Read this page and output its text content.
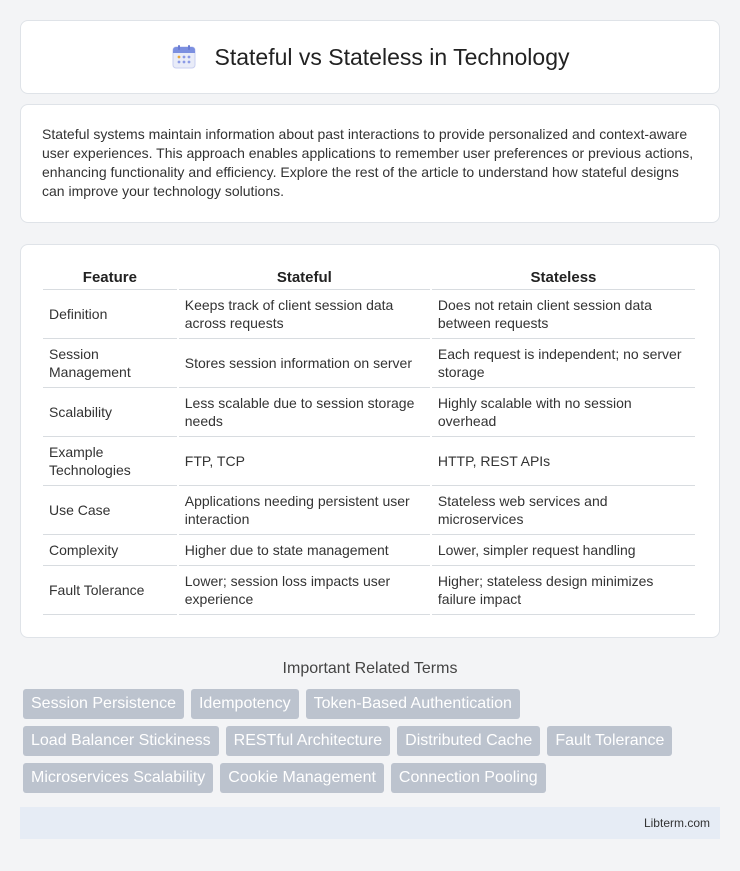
Stateful vs Stateless in Technology

Stateful systems maintain information about past interactions to provide personalized and context-aware user experiences. This approach enables applications to remember user preferences or previous actions, enhancing functionality and efficiency. Explore the rest of the article to understand how stateful designs can improve your technology solutions.

Feature	Stateful	Stateless
Definition	Keeps track of client session data across requests	Does not retain client session data between requests
Session Management	Stores session information on server	Each request is independent; no server storage
Scalability	Less scalable due to session storage needs	Highly scalable with no session overhead
Example Technologies	FTP, TCP	HTTP, REST APIs
Use Case	Applications needing persistent user interaction	Stateless web services and microservices
Complexity	Higher due to state management	Lower, simpler request handling
Fault Tolerance	Lower; session loss impacts user experience	Higher; stateless design minimizes failure impact
Important Related Terms
Session Persistence	Idempotency	Token-Based Authentication
Load Balancer Stickiness	RESTful Architecture	Distributed Cache	Fault Tolerance
Microservices Scalability	Cookie Management	Connection Pooling
Libterm.com
